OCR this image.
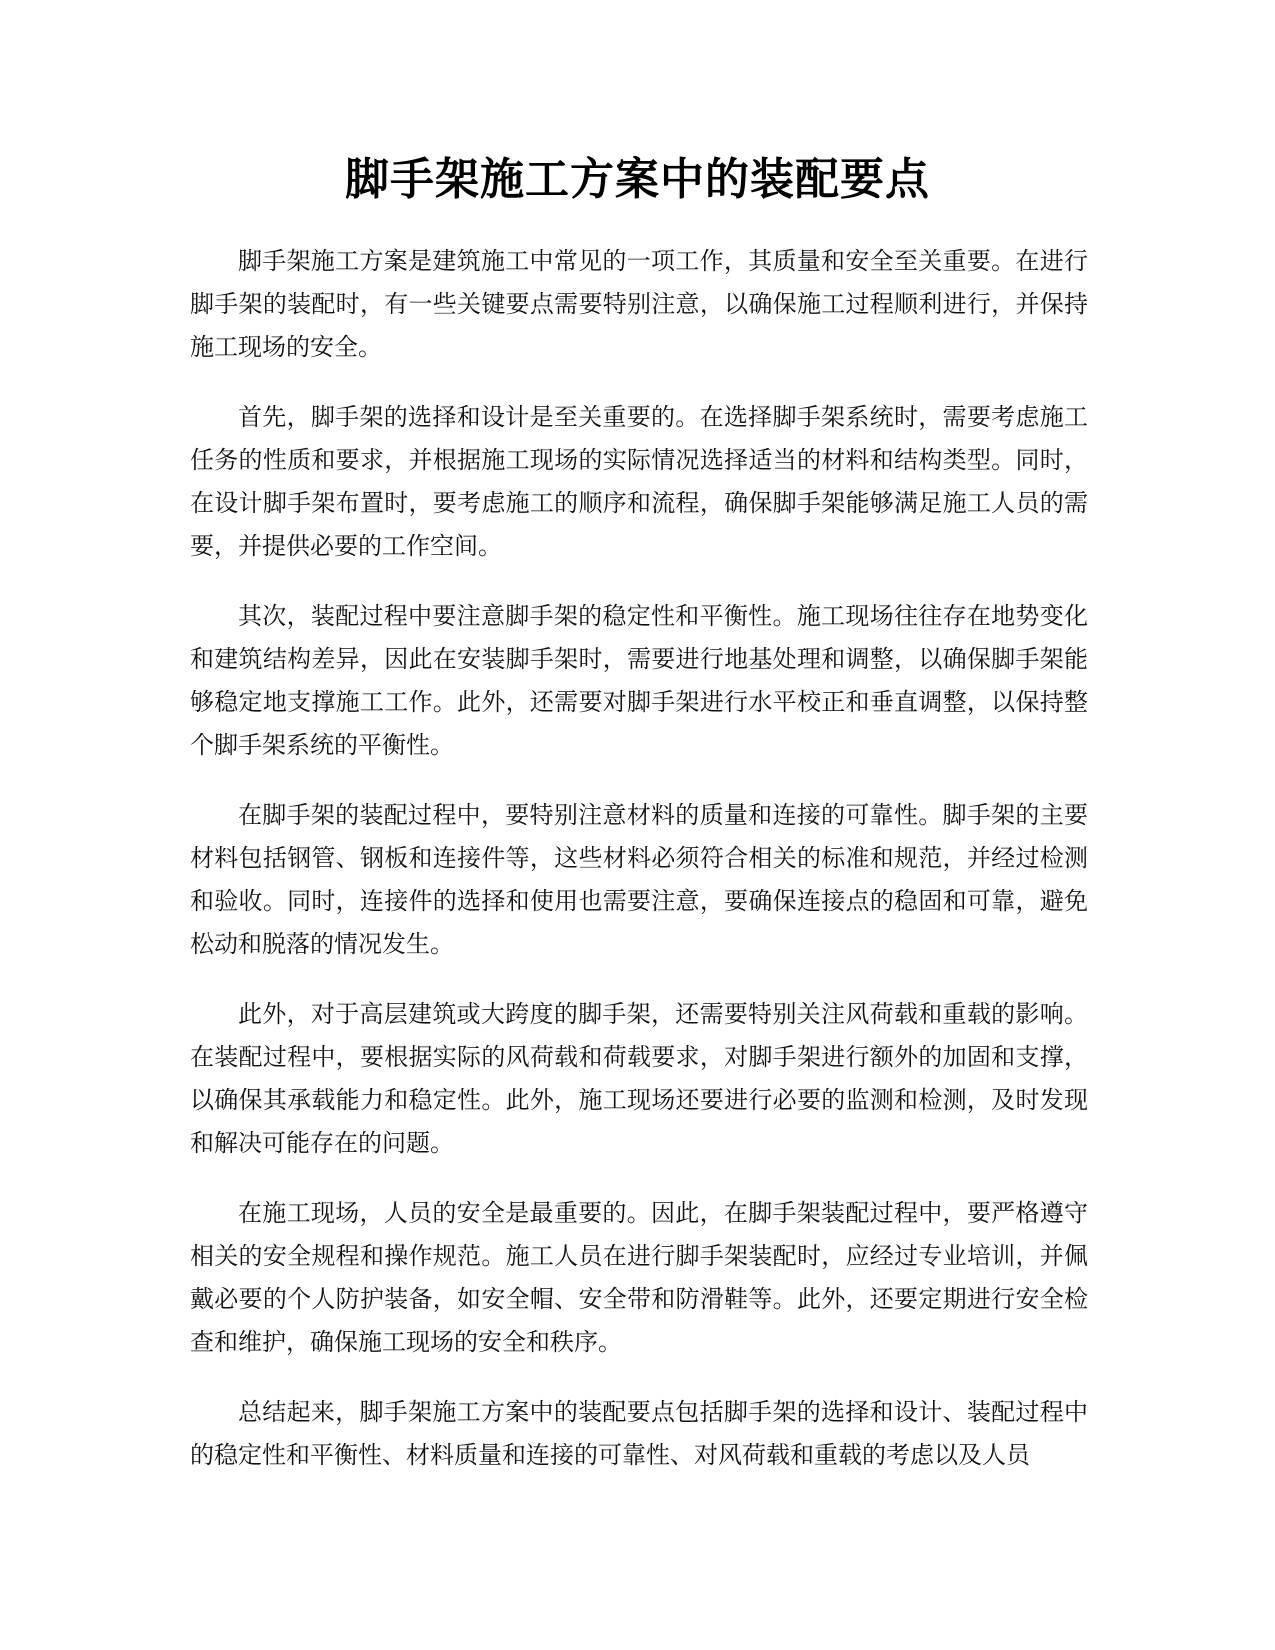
脚手架施工方案中的装配要点

脚手架施工方案是建筑施工中常见的一项工作，其质量和安全至关重要。在进行脚手架的装配时，有一些关键要点需要特别注意，以确保施工过程顺利进行，并保持施工现场的安全。

首先，脚手架的选择和设计是至关重要的。在选择脚手架系统时，需要考虑施工任务的性质和要求，并根据施工现场的实际情况选择适当的材料和结构类型。同时，在设计脚手架布置时，要考虑施工的顺序和流程，确保脚手架能够满足施工人员的需要，并提供必要的工作空间。

其次，装配过程中要注意脚手架的稳定性和平衡性。施工现场往往存在地势变化和建筑结构差异，因此在安装脚手架时，需要进行地基处理和调整，以确保脚手架能够稳定地支撑施工工作。此外，还需要对脚手架进行水平校正和垂直调整，以保持整个脚手架系统的平衡性。

在脚手架的装配过程中，要特别注意材料的质量和连接的可靠性。脚手架的主要材料包括钢管、钢板和连接件等，这些材料必须符合相关的标准和规范，并经过检测和验收。同时，连接件的选择和使用也需要注意，要确保连接点的稳固和可靠，避免松动和脱落的情况发生。

此外，对于高层建筑或大跨度的脚手架，还需要特别关注风荷载和重载的影响。在装配过程中，要根据实际的风荷载和荷载要求，对脚手架进行额外的加固和支撑，以确保其承载能力和稳定性。此外，施工现场还要进行必要的监测和检测，及时发现和解决可能存在的问题。

在施工现场，人员的安全是最重要的。因此，在脚手架装配过程中，要严格遵守相关的安全规程和操作规范。施工人员在进行脚手架装配时，应经过专业培训，并佩戴必要的个人防护装备，如安全帽、安全带和防滑鞋等。此外，还要定期进行安全检查和维护，确保施工现场的安全和秩序。

总结起来，脚手架施工方案中的装配要点包括脚手架的选择和设计、装配过程中的稳定性和平衡性、材料质量和连接的可靠性、对风荷载和重载的考虑以及人员
